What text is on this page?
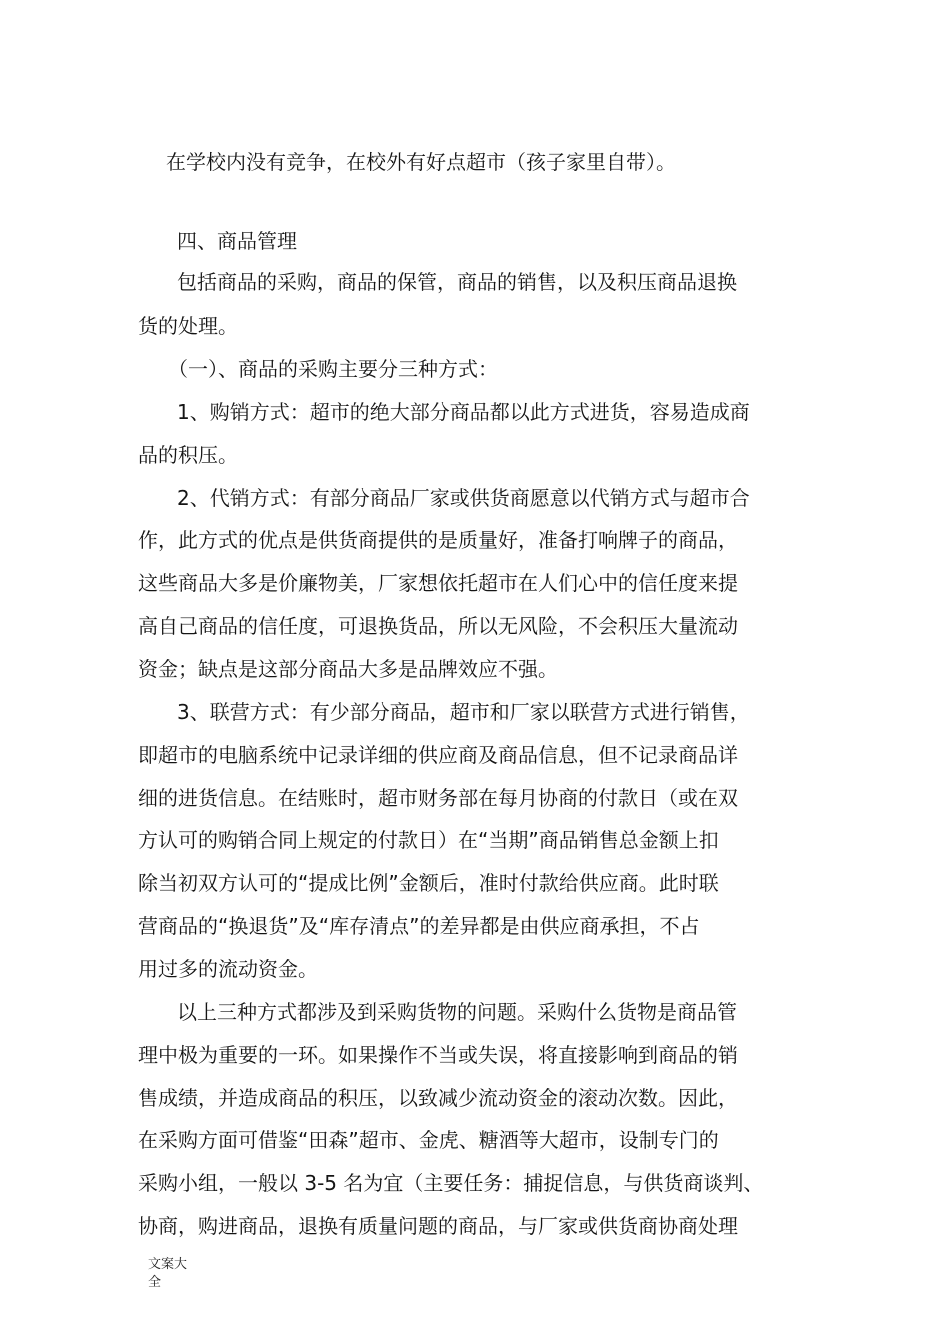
在学校内没有竞争，在校外有好点超市（孩子家里自带）。

四、商品管理

包括商品的采购，商品的保管，商品的销售，以及积压商品退换

货的处理。

（一）、商品的采购主要分三种方式：

1、购销方式：超市的绝大部分商品都以此方式进货，容易造成商

品的积压。

2、代销方式：有部分商品厂家或供货商愿意以代销方式与超市合

作，此方式的优点是供货商提供的是质量好，准备打响牌子的商品，

这些商品大多是价廉物美，厂家想依托超市在人们心中的信任度来提

高自己商品的信任度，可退换货品，所以无风险，不会积压大量流动

资金；缺点是这部分商品大多是品牌效应不强。

3、联营方式：有少部分商品，超市和厂家以联营方式进行销售，

即超市的电脑系统中记录详细的供应商及商品信息，但不记录商品详

细的进货信息。在结账时，超市财务部在每月协商的付款日（或在双

方认可的购销合同上规定的付款日）在“当期”商品销售总金额上扣

除当初双方认可的“提成比例”金额后，准时付款给供应商。此时联

营商品的“换退货”及“库存清点”的差异都是由供应商承担，不占

用过多的流动资金。

以上三种方式都涉及到采购货物的问题。采购什么货物是商品管

理中极为重要的一环。如果操作不当或失误，将直接影响到商品的销

售成绩，并造成商品的积压，以致减少流动资金的滚动次数。因此，

在采购方面可借鉴“田森”超市、金虎、糖酒等大超市，设制专门的

采购小组，一般以 3-5 名为宜（主要任务：捕捉信息，与供货商谈判、

协商，购进商品，退换有质量问题的商品，与厂家或供货商协商处理

文案大全
